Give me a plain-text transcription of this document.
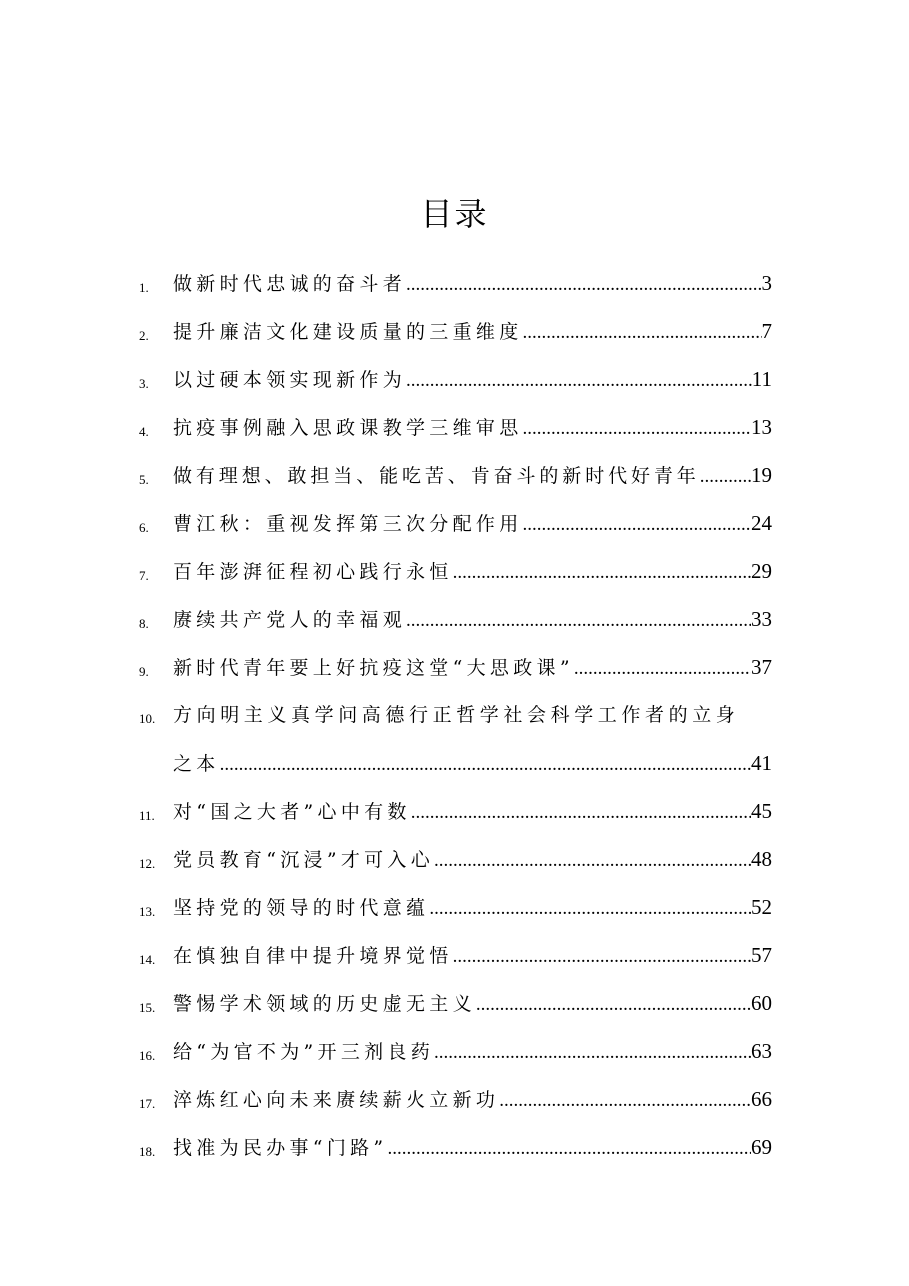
目录
1.	做新时代忠诚的奋斗者 .....	3
2.	提升廉洁文化建设质量的三重维度 .....	7
3.	以过硬本领实现新作为 .....	11
4.	抗疫事例融入思政课教学三维审思 .....	13
5.	做有理想、敢担当、能吃苦、肯奋斗的新时代好青年 ..... 19
6.	曹江秋：重视发挥第三次分配作用 .....	24
7.	百年澎湃征程初心践行永恒 .....	29
8.	赓续共产党人的幸福观 .....	33
9.	新时代青年要上好抗疫这堂“大思政课” .....	37
10. 方向明主义真学问高德行正哲学社会科学工作者的立身
之本 .....	41
11. 对“国之大者”心中有数 .....	45
12. 党员教育“沉浸”才可入心 .....	48
13. 坚持党的领导的时代意蕴 .....	52
14. 在慎独自律中提升境界觉悟 .....	57
15. 警惕学术领域的历史虚无主义 .....	60
16. 给“为官不为”开三剂良药 .....	63
17. 淬炼红心向未来赓续薪火立新功 .....	66
18. 找准为民办事“门路” .....	69
